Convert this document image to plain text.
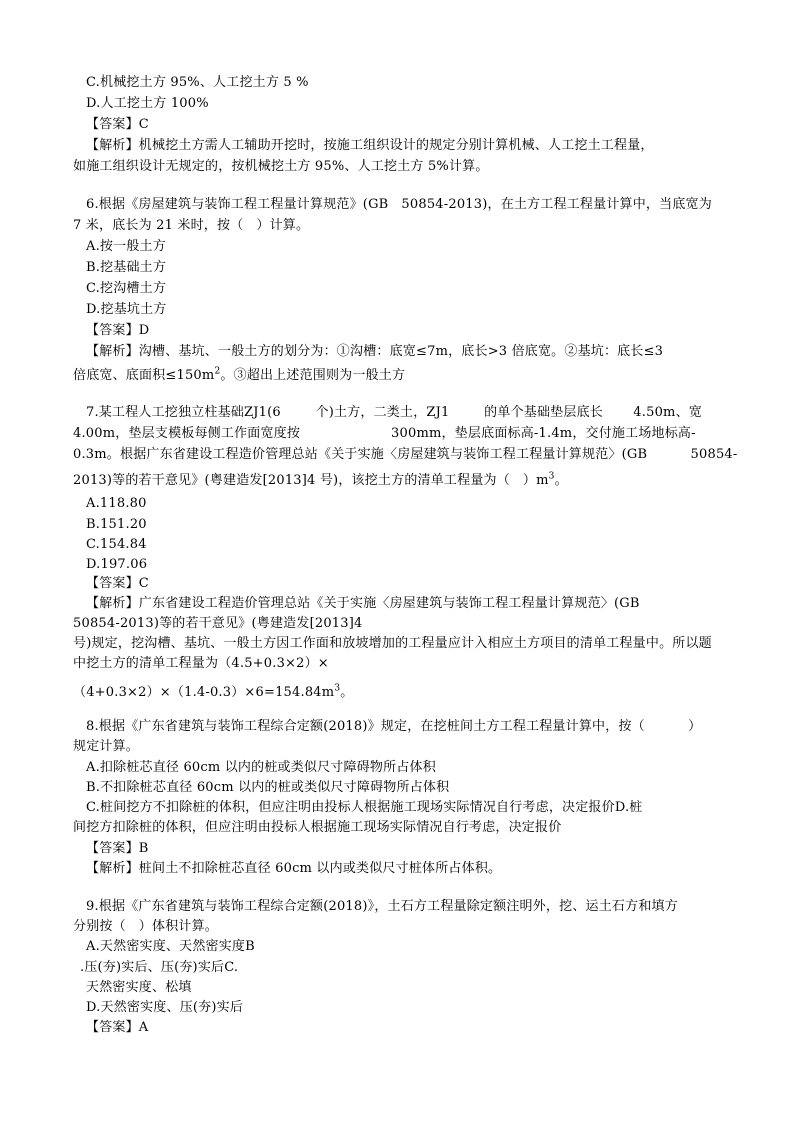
C.机械挖土方 95%、人工挖土方 5 %
D.人工挖土方 100%
【答案】C
【解析】机械挖土方需人工辅助开挖时，按施工组织设计的规定分别计算机械、人工挖土工程量，
如施工组织设计无规定的，按机械挖土方 95%、人工挖土方 5%计算。
6.根据《房屋建筑与装饰工程工程量计算规范》(GB   50854-2013)，在土方工程工程量计算中，当底宽为
7 米，底长为 21 米时，按（   ）计算。
A.按一般土方
B.挖基础土方
C.挖沟槽土方
D.挖基坑土方
【答案】D
【解析】沟槽、基坑、一般土方的划分为：①沟槽：底宽≤7m，底长>3 倍底宽。②基坑：底长≤3
倍底宽、底面积$\le 150m^2$。③超出上述范围则为一般土方
7.某工程人工挖独立柱基础ZJ1(6        个)土方，二类土，ZJ1        的单个基础垫层底长       4.50m、宽
4.00m，垫层支模板每侧工作面宽度按                     300mm，垫层底面标高-1.4m，交付施工场地标高-
0.3m。根据广东省建设工程造价管理总站《关于实施〈房屋建筑与装饰工程工程量计算规范〉(GB          50854-
2013)等的若干意见》(粤建造发[2013]4 号)，该挖土方的清单工程量为（   ）$m^3$。
A.118.80
B.151.20
C.154.84
D.197.06
【答案】C
【解析】广东省建设工程造价管理总站《关于实施〈房屋建筑与装饰工程工程量计算规范〉(GB
50854-2013)等的若干意见》(粤建造发[2013]4
号)规定，挖沟槽、基坑、一般土方因工作面和放坡增加的工程量应计入相应土方项目的清单工程量中。所以题
中挖土方的清单工程量为（4.5+0.3×2）×
$(4+0.3\times 2)\times(1.4-0.3)\times 6=154.84m^3$。
8.根据《广东省建筑与装饰工程综合定额(2018)》规定，在挖桩间土方工程工程量计算中，按（          ）
规定计算。
A.扣除桩芯直径 60cm 以内的桩或类似尺寸障碍物所占体积
B.不扣除桩芯直径 60cm 以内的桩或类似尺寸障碍物所占体积
C.桩间挖方不扣除桩的体积，但应注明由投标人根据施工现场实际情况自行考虑，决定报价D.桩
间挖方扣除桩的体积，但应注明由投标人根据施工现场实际情况自行考虑，决定报价
【答案】B
【解析】桩间土不扣除桩芯直径 60cm 以内或类似尺寸桩体所占体积。
9.根据《广东省建筑与装饰工程综合定额(2018)》，土石方工程量除定额注明外，挖、运土石方和填方
分别按（   ）体积计算。
A.天然密实度、天然密实度B
.压(夯)实后、压(夯)实后C.
天然密实度、松填
D.天然密实度、压(夯)实后
【答案】A
